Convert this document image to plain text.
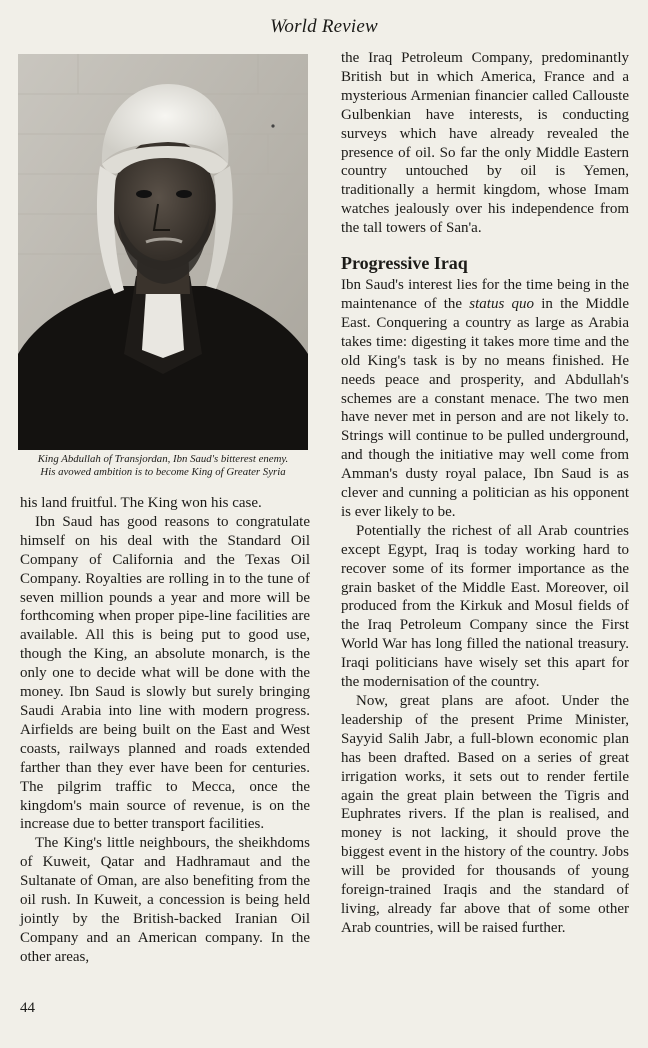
World Review
King Abdullah of Transjordan, Ibn Saud's bitterest enemy.
His avowed ambition is to become King of Greater Syria

his land fruitful. The King won his case.

Ibn Saud has good reasons to congratulate himself on his deal with the Standard Oil Company of California and the Texas Oil Company. Royalties are rolling in to the tune of seven million pounds a year and more will be forthcoming when proper pipe-line facilities are available. All this is being put to good use, though the King, an absolute monarch, is the only one to decide what will be done with the money. Ibn Saud is slowly but surely bringing Saudi Arabia into line with modern progress. Airfields are being built on the East and West coasts, railways planned and roads extended farther than they ever have been for centuries. The pilgrim traffic to Mecca, once the kingdom's main source of revenue, is on the increase due to better transport facilities.

The King's little neighbours, the sheikhdoms of Kuweit, Qatar and Hadhramaut and the Sultanate of Oman, are also benefiting from the oil rush. In Kuweit, a concession is being held jointly by the British-backed Iranian Oil Company and an American company. In the other areas,

the Iraq Petroleum Company, predominantly British but in which America, France and a mysterious Armenian financier called Callouste Gulbenkian have interests, is conducting surveys which have already revealed the presence of oil. So far the only Middle Eastern country untouched by oil is Yemen, traditionally a hermit kingdom, whose Imam watches jealously over his independence from the tall towers of San'a.

Progressive Iraq

Ibn Saud's interest lies for the time being in the maintenance of the status quo in the Middle East. Conquering a country as large as Arabia takes time: digesting it takes more time and the old King's task is by no means finished. He needs peace and prosperity, and Abdullah's schemes are a constant menace. The two men have never met in person and are not likely to. Strings will continue to be pulled underground, and though the initiative may well come from Amman's dusty royal palace, Ibn Saud is as clever and cunning a politician as his opponent is ever likely to be.

Potentially the richest of all Arab countries except Egypt, Iraq is today working hard to recover some of its former importance as the grain basket of the Middle East. Moreover, oil produced from the Kirkuk and Mosul fields of the Iraq Petroleum Company since the First World War has long filled the national treasury. Iraqi politicians have wisely set this apart for the modernisation of the country.

Now, great plans are afoot. Under the leadership of the present Prime Minister, Sayyid Salih Jabr, a full-blown economic plan has been drafted. Based on a series of great irrigation works, it sets out to render fertile again the great plain between the Tigris and Euphrates rivers. If the plan is realised, and money is not lacking, it should prove the biggest event in the history of the country. Jobs will be provided for thousands of young foreign-trained Iraqis and the standard of living, already far above that of some other Arab countries, will be raised further.

44
